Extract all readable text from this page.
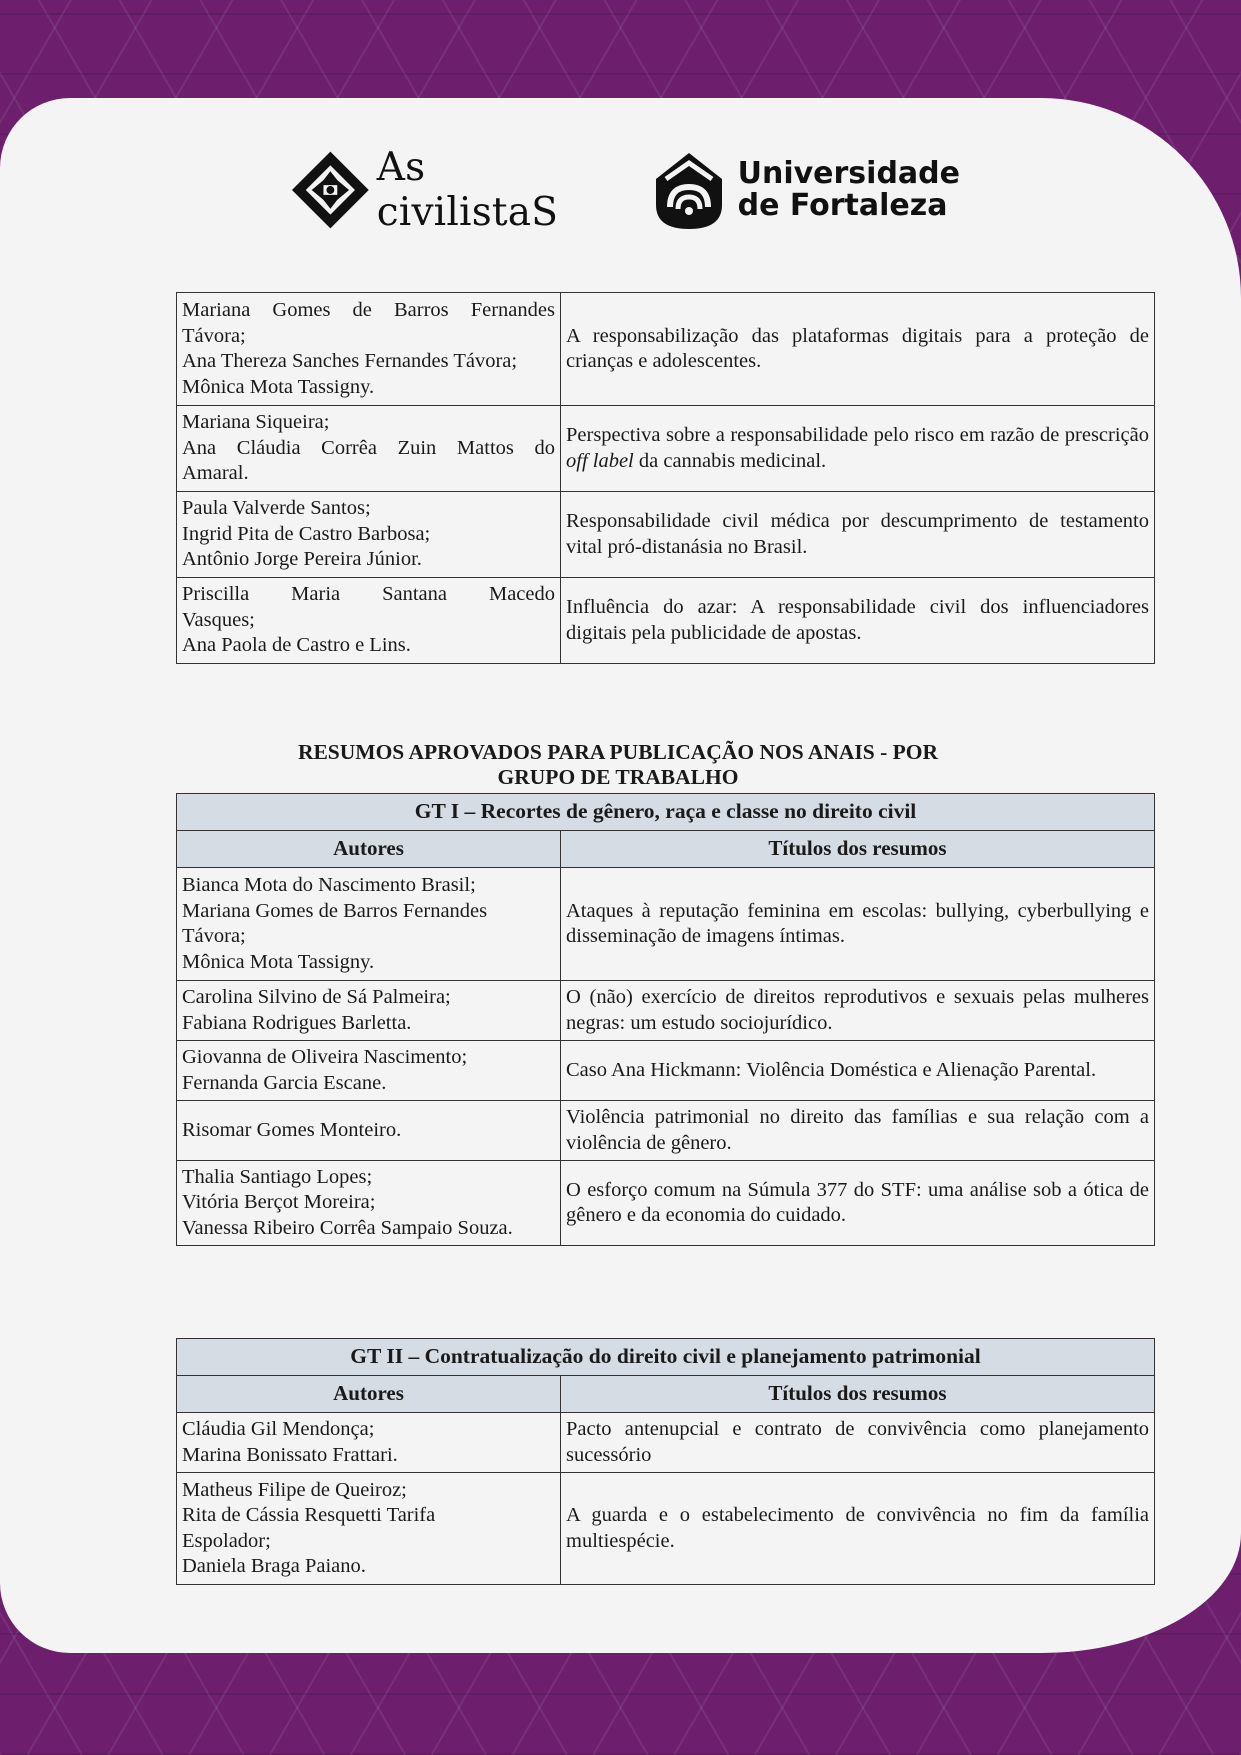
As civilistaS
Universidade
de Fortaleza
Mariana Gomes de Barros Fernandes
Távora;
Ana Thereza Sanches Fernandes Távora;
Mônica Mota Tassigny.	A responsabilização das plataformas digitais para a proteção de crianças e adolescentes.

Mariana Siqueira;
Ana Cláudia Corrêa Zuin Mattos do
Amaral.	Perspectiva sobre a responsabilidade pelo risco em razão de prescrição off label da cannabis medicinal.

Paula Valverde Santos;
Ingrid Pita de Castro Barbosa;
Antônio Jorge Pereira Júnior.	Responsabilidade civil médica por descumprimento de testamento vital pró-distanásia no Brasil.

Priscilla Maria Santana Macedo
Vasques;
Ana Paola de Castro e Lins.	Influência do azar: A responsabilidade civil dos influenciadores digitais pela publicidade de apostas.
RESUMOS APROVADOS PARA PUBLICAÇÃO NOS ANAIS - POR
GRUPO DE TRABALHO
GT I – Recortes de gênero, raça e classe no direito civil	
Autores	Títulos dos resumos

Bianca Mota do Nascimento Brasil;
Mariana Gomes de Barros Fernandes
Távora;
Mônica Mota Tassigny.	Ataques à reputação feminina em escolas: bullying, cyberbullying e disseminação de imagens íntimas.

Carolina Silvino de Sá Palmeira;
Fabiana Rodrigues Barletta.	O (não) exercício de direitos reprodutivos e sexuais pelas mulheres negras: um estudo sociojurídico.

Giovanna de Oliveira Nascimento;
Fernanda Garcia Escane.	Caso Ana Hickmann: Violência Doméstica e Alienação Parental.

Risomar Gomes Monteiro.	Violência patrimonial no direito das famílias e sua relação com a violência de gênero.

Thalia Santiago Lopes;
Vitória Berçot Moreira;
Vanessa Ribeiro Corrêa Sampaio Souza.	O esforço comum na Súmula 377 do STF: uma análise sob a ótica de gênero e da economia do cuidado.
GT II – Contratualização do direito civil e planejamento patrimonial	
Autores	Títulos dos resumos

Cláudia Gil Mendonça;
Marina Bonissato Frattari.	Pacto antenupcial e contrato de convivência como planejamento sucessório

Matheus Filipe de Queiroz;
Rita de Cássia Resquetti Tarifa
Espolador;
Daniela Braga Paiano.	A guarda e o estabelecimento de convivência no fim da família multiespécie.
